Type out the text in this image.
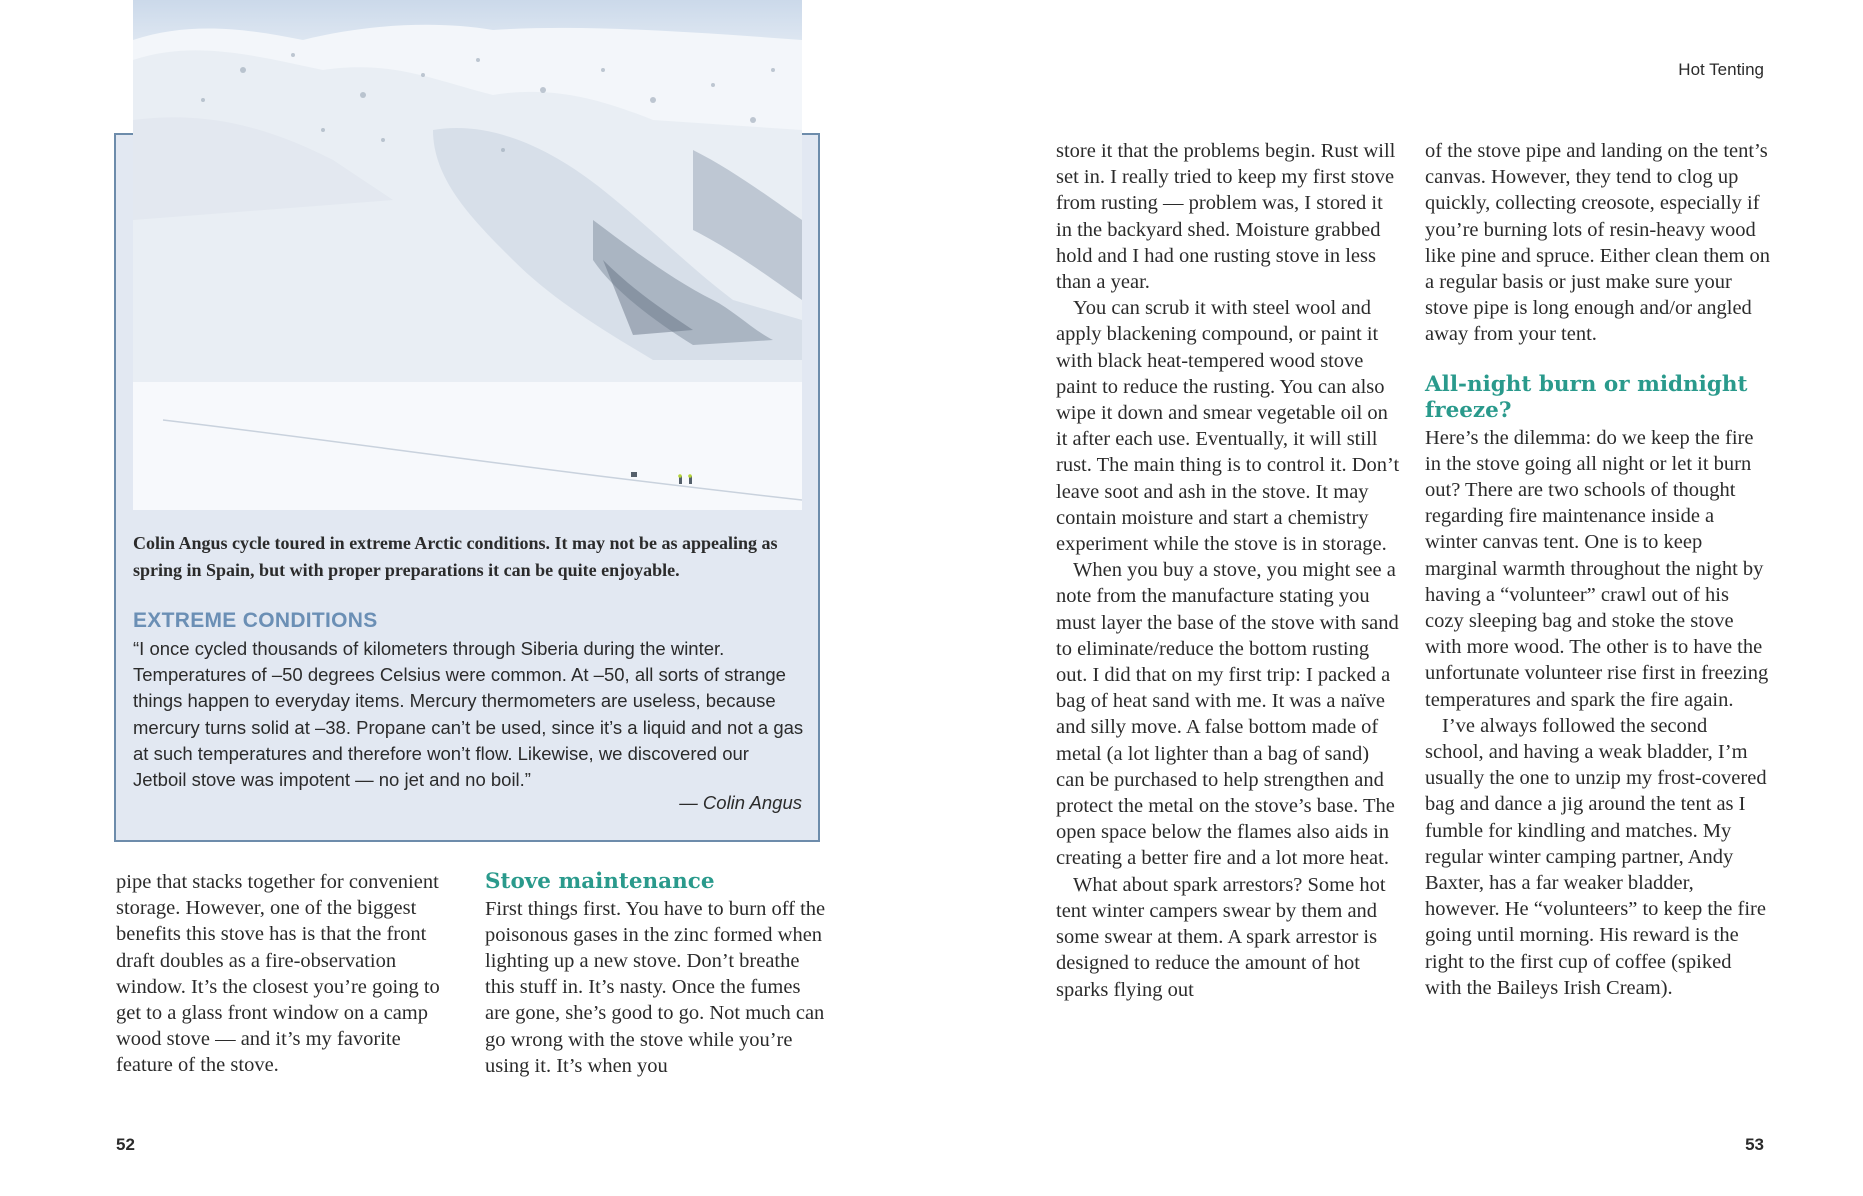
Colin Angus cycle toured in extreme Arctic conditions. It may not be as appealing as spring in Spain, but with proper preparations it can be quite enjoyable.
EXTREME CONDITIONS
“I once cycled thousands of kilometers through Siberia during the winter. Temperatures of –50 degrees Celsius were common. At –50, all sorts of strange things happen to everyday items. Mercury thermometers are useless, because mercury turns solid at –38. Propane can’t be used, since it’s a liquid and not a gas at such temperatures and therefore won’t flow. Likewise, we discovered our Jetboil stove was impotent — no jet and no boil.”
— Colin Angus
Hot Tenting
52	53

pipe that stacks together for convenient storage. However, one of the biggest benefits this stove has is that the front draft doubles as a fire-observation window. It’s the closest you’re going to get to a glass front window on a camp wood stove — and it’s my favorite feature of the stove.

Stove maintenance

First things first. You have to burn off the poisonous gases in the zinc formed when lighting up a new stove. Don’t breathe this stuff in. It’s nasty. Once the fumes are gone, she’s good to go. Not much can go wrong with the stove while you’re using it. It’s when you

store it that the problems begin. Rust will set in. I really tried to keep my first stove from rusting — problem was, I stored it in the backyard shed. Moisture grabbed hold and I had one rusting stove in less than a year.

You can scrub it with steel wool and apply blackening compound, or paint it with black heat-tempered wood stove paint to reduce the rusting. You can also wipe it down and smear vegetable oil on it after each use. Eventually, it will still rust. The main thing is to control it. Don’t leave soot and ash in the stove. It may contain moisture and start a chemistry experiment while the stove is in storage.

When you buy a stove, you might see a note from the manufacture stating you must layer the base of the stove with sand to eliminate/reduce the bottom rusting out. I did that on my first trip: I packed a bag of heat sand with me. It was a naïve and silly move. A false bottom made of metal (a lot lighter than a bag of sand) can be purchased to help strengthen and protect the metal on the stove’s base. The open space below the flames also aids in creating a better fire and a lot more heat.

What about spark arrestors? Some hot tent winter campers swear by them and some swear at them. A spark arrestor is designed to reduce the amount of hot sparks flying out

of the stove pipe and landing on the tent’s canvas. However, they tend to clog up quickly, collecting creosote, especially if you’re burning lots of resin-heavy wood like pine and spruce. Either clean them on a regular basis or just make sure your stove pipe is long enough and/or angled away from your tent.

All-night burn or midnight freeze?

Here’s the dilemma: do we keep the fire in the stove going all night or let it burn out? There are two schools of thought regarding fire maintenance inside a winter canvas tent. One is to keep marginal warmth throughout the night by having a “volunteer” crawl out of his cozy sleeping bag and stoke the stove with more wood. The other is to have the unfortunate volunteer rise first in freezing temperatures and spark the fire again.

I’ve always followed the second school, and having a weak bladder, I’m usually the one to unzip my frost-covered bag and dance a jig around the tent as I fumble for kindling and matches. My regular winter camping partner, Andy Baxter, has a far weaker bladder, however. He “volunteers” to keep the fire going until morning. His reward is the right to the first cup of coffee (spiked with the Baileys Irish Cream).
